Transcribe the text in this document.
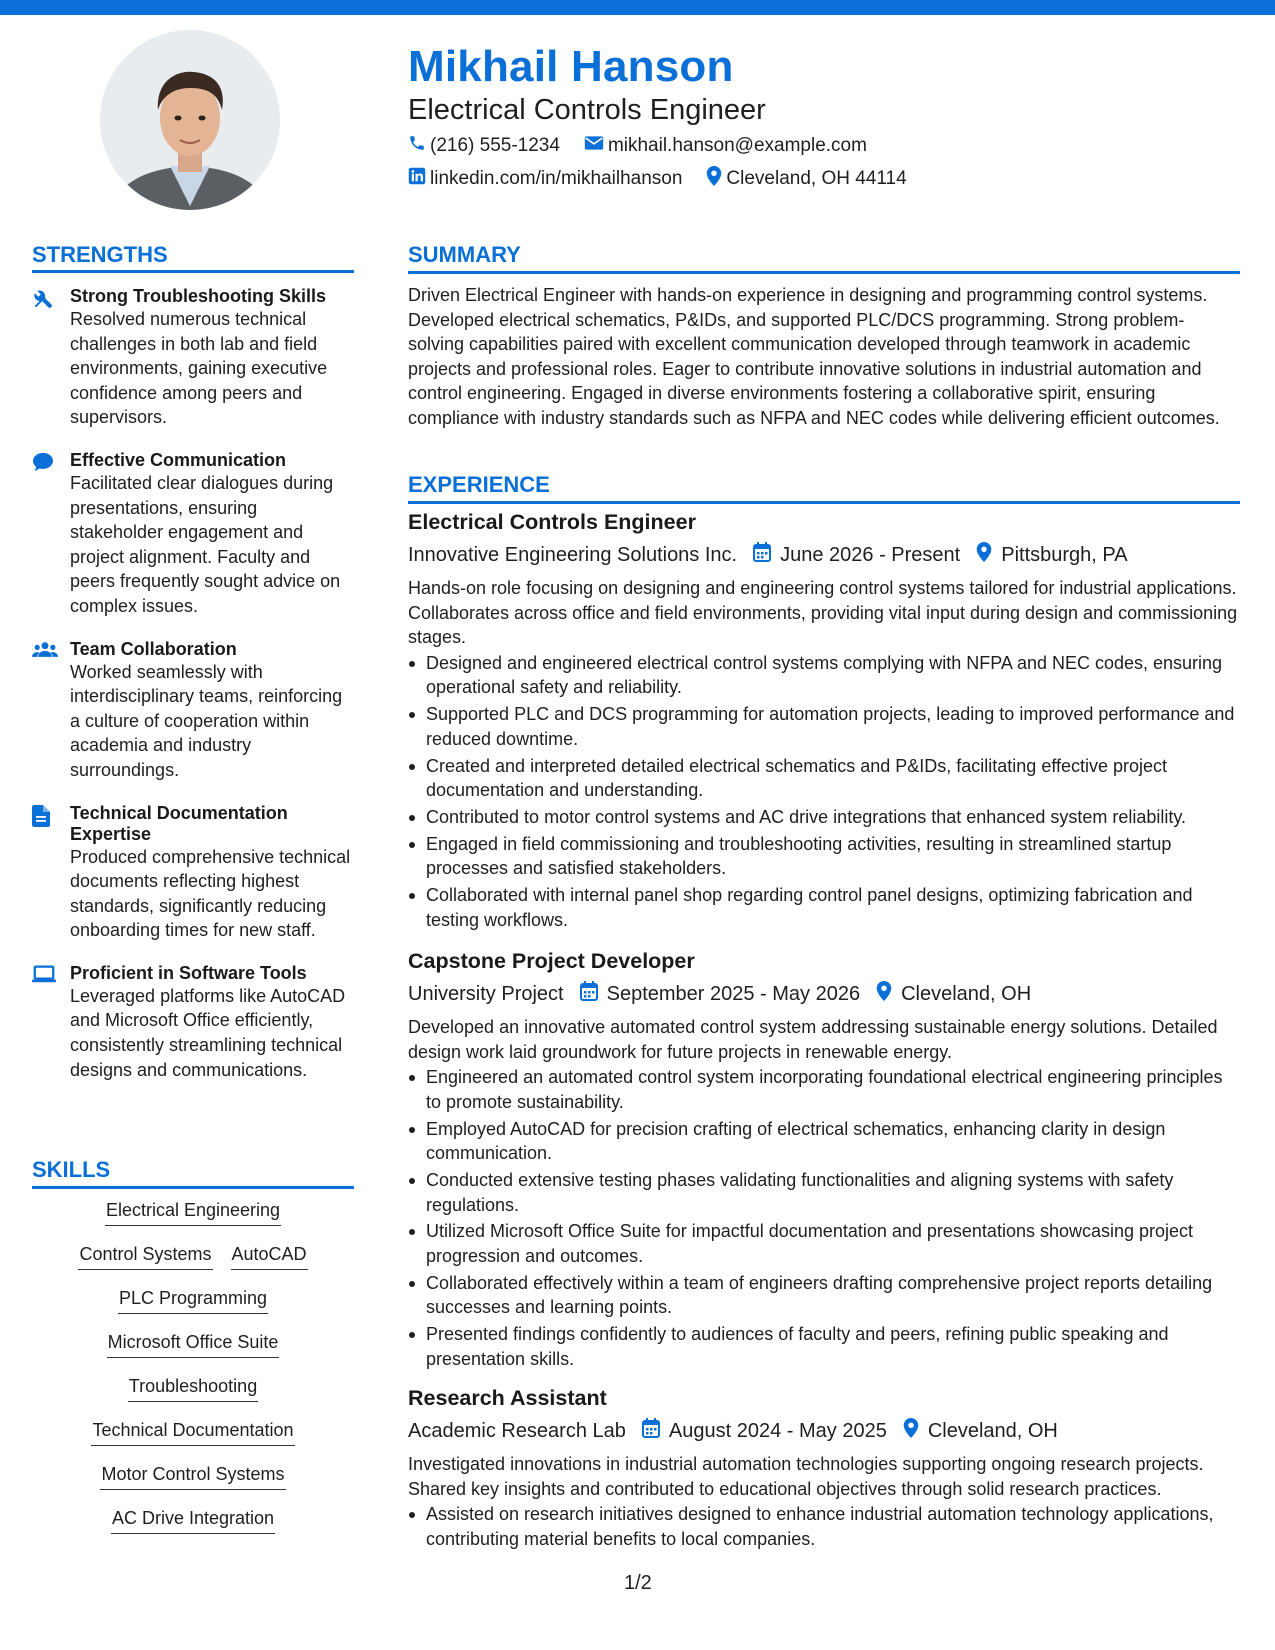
Mikhail Hanson
Electrical Controls Engineer
(216) 555-1234	mikhail.hanson@example.com
linkedin.com/in/mikhailhanson Cleveland, OH 44114
STRENGTHS
Strong Troubleshooting Skills
Resolved numerous technical challenges in both lab and field environments, gaining executive confidence among peers and supervisors.
Effective Communication
Facilitated clear dialogues during presentations, ensuring stakeholder engagement and project alignment. Faculty and peers frequently sought advice on complex issues.
Team Collaboration
Worked seamlessly with interdisciplinary teams, reinforcing a culture of cooperation within academia and industry surroundings.
Technical Documentation Expertise
Produced comprehensive technical documents reflecting highest standards, significantly reducing onboarding times for new staff.
Proficient in Software Tools
Leveraged platforms like AutoCAD and Microsoft Office efficiently, consistently streamlining technical designs and communications.
SKILLS
Electrical Engineering
Control Systems AutoCAD
PLC Programming
Microsoft Office Suite
Troubleshooting
Technical Documentation
Motor Control Systems
AC Drive Integration
SUMMARY
Driven Electrical Engineer with hands-on experience in designing and programming control systems. Developed electrical schematics, P&IDs, and supported PLC/DCS programming. Strong problem-solving capabilities paired with excellent communication developed through teamwork in academic projects and professional roles. Eager to contribute innovative solutions in industrial automation and control engineering. Engaged in diverse environments fostering a collaborative spirit, ensuring compliance with industry standards such as NFPA and NEC codes while delivering efficient outcomes.
EXPERIENCE
Electrical Controls Engineer
Innovative Engineering Solutions Inc. June 2026 - Present Pittsburgh, PA
Hands-on role focusing on designing and engineering control systems tailored for industrial applications. Collaborates across office and field environments, providing vital input during design and commissioning stages.
Designed and engineered electrical control systems complying with NFPA and NEC codes, ensuring operational safety and reliability.
Supported PLC and DCS programming for automation projects, leading to improved performance and reduced downtime.
Created and interpreted detailed electrical schematics and P&IDs, facilitating effective project documentation and understanding.
Contributed to motor control systems and AC drive integrations that enhanced system reliability.
Engaged in field commissioning and troubleshooting activities, resulting in streamlined startup processes and satisfied stakeholders.
Collaborated with internal panel shop regarding control panel designs, optimizing fabrication and testing workflows.
Capstone Project Developer
University Project September 2025 - May 2026 Cleveland, OH
Developed an innovative automated control system addressing sustainable energy solutions. Detailed design work laid groundwork for future projects in renewable energy.
Engineered an automated control system incorporating foundational electrical engineering principles to promote sustainability.
Employed AutoCAD for precision crafting of electrical schematics, enhancing clarity in design communication.
Conducted extensive testing phases validating functionalities and aligning systems with safety regulations.
Utilized Microsoft Office Suite for impactful documentation and presentations showcasing project progression and outcomes.
Collaborated effectively within a team of engineers drafting comprehensive project reports detailing successes and learning points.
Presented findings confidently to audiences of faculty and peers, refining public speaking and presentation skills.
Research Assistant
Academic Research Lab August 2024 - May 2025 Cleveland, OH
Investigated innovations in industrial automation technologies supporting ongoing research projects. Shared key insights and contributed to educational objectives through solid research practices.
Assisted on research initiatives designed to enhance industrial automation technology applications, contributing material benefits to local companies.
1/2
